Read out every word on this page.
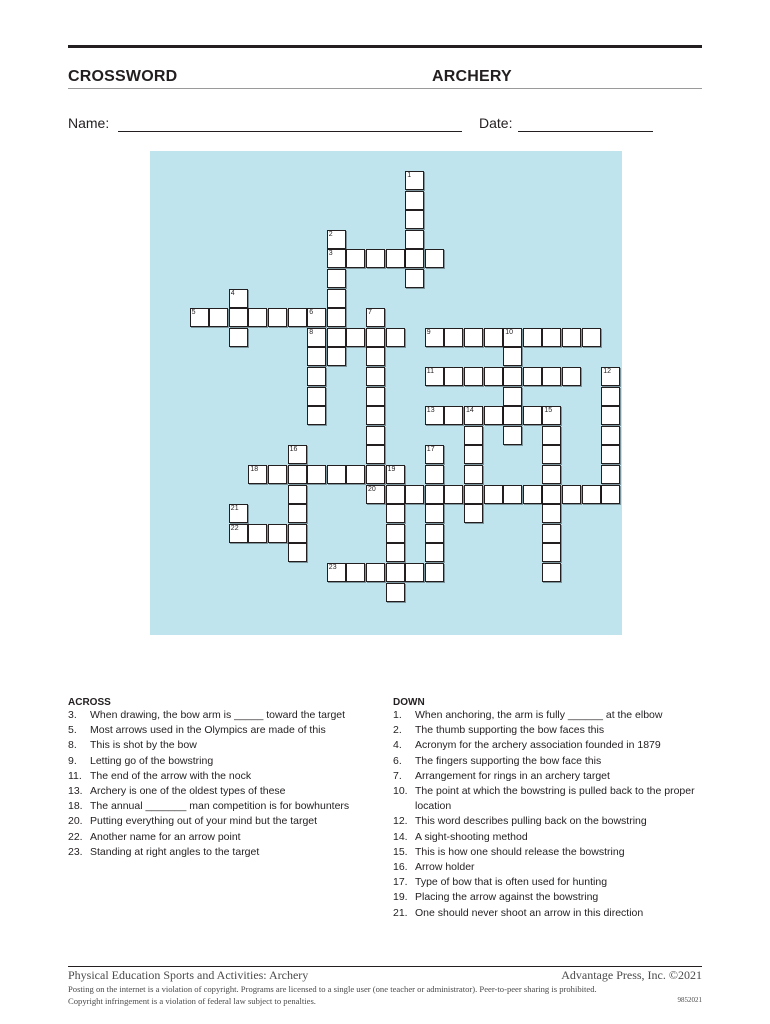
CROSSWORD	ARCHERY
Name:	Date:
1
2
3
4
5	6
8
7
9	10
11	12
13	14	15
16	17
18	19
20
21
22
23
ACROSS
3.	When drawing, the bow arm is _____ toward the target
5.	Most arrows used in the Olympics are made of this
8.	This is shot by the bow
9.	Letting go of the bowstring
11. The end of the arrow with the nock
13. Archery is one of the oldest types of these
18. The annual _______ man competition is for bowhunters
20. Putting everything out of your mind but the target
22. Another name for an arrow point
23. Standing at right angles to the target
DOWN
1.	When anchoring, the arm is fully ______ at the elbow
2.	The thumb supporting the bow faces this
4.	Acronym for the archery association founded in 1879
6.	The fingers supporting the bow face this
7.	Arrangement for rings in an archery target
10. The point at which the bowstring is pulled back to the proper location
12. This word describes pulling back on the bowstring
14. A sight-shooting method
15. This is how one should release the bowstring
16. Arrow holder
17. Type of bow that is often used for hunting
19. Placing the arrow against the bowstring
21. One should never shoot an arrow in this direction
Physical Education Sports and Activities: Archery	Advantage Press, Inc. ©2021
Posting on the internet is a violation of copyright. Programs are licensed to a single user (one teacher or administrator). Peer-to-peer sharing is prohibited.
Copyright infringement is a violation of federal law subject to penalties.	9852021
